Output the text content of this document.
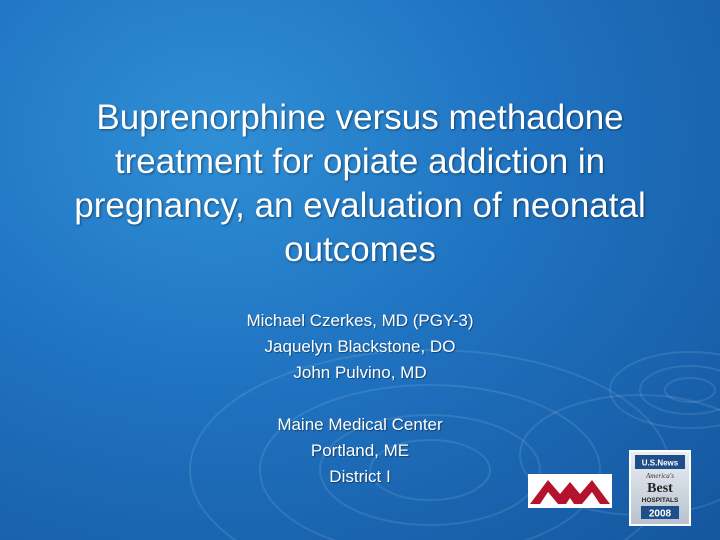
Buprenorphine versus methadone treatment for opiate addiction in pregnancy, an evaluation of neonatal outcomes
Michael Czerkes, MD (PGY-3)
Jaquelyn Blackstone, DO
John Pulvino, MD
Maine Medical Center
Portland, ME
District I
U.S.News
America's
Best
HOSPITALS
2008
